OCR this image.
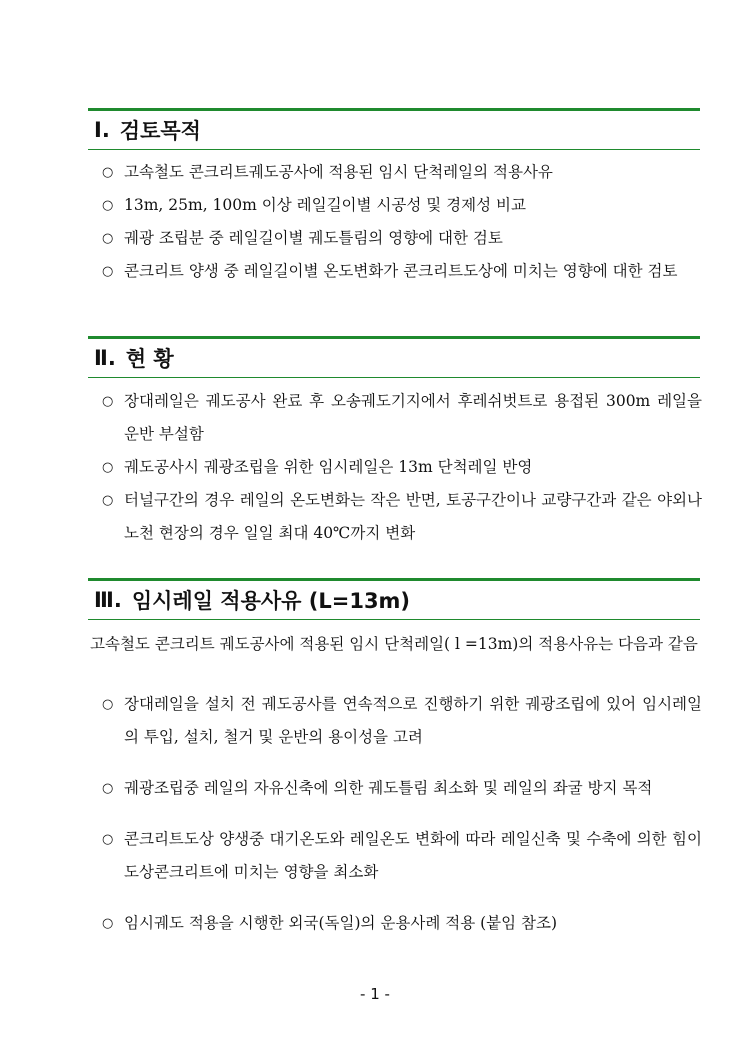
Ⅰ. 검토목적
○ 고속철도 콘크리트궤도공사에 적용된 임시 단척레일의 적용사유
○ 13m, 25m, 100m 이상 레일길이별 시공성 및 경제성 비교
○ 궤광 조립분 중 레일길이별 궤도틀림의 영향에 대한 검토
○ 콘크리트 양생 중 레일길이별 온도변화가 콘크리트도상에 미치는 영향에 대한 검토
Ⅱ. 현 황
○ 장대레일은 궤도공사 완료 후 오송궤도기지에서 후레쉬벗트로 용접된 300m 레일을 운반 부설함
○ 궤도공사시 궤광조립을 위한 임시레일은 13m 단척레일 반영
○ 터널구간의 경우 레일의 온도변화는 작은 반면, 토공구간이나 교량구간과 같은 야외나 노천 현장의 경우 일일 최대 40℃까지 변화
Ⅲ. 임시레일 적용사유 (L=13m)
고속철도 콘크리트 궤도공사에 적용된 임시 단척레일( l =13m)의 적용사유는 다음과 같음
○ 장대레일을 설치 전 궤도공사를 연속적으로 진행하기 위한 궤광조립에 있어 임시레일의 투입, 설치, 철거 및 운반의 용이성을 고려
○ 궤광조립중 레일의 자유신축에 의한 궤도틀림 최소화 및 레일의 좌굴 방지 목적
○ 콘크리트도상 양생중 대기온도와 레일온도 변화에 따라 레일신축 및 수축에 의한 힘이 도상콘크리트에 미치는 영향을 최소화
○ 임시궤도 적용을 시행한 외국(독일)의 운용사례 적용 (붙임 참조)
- 1 -
